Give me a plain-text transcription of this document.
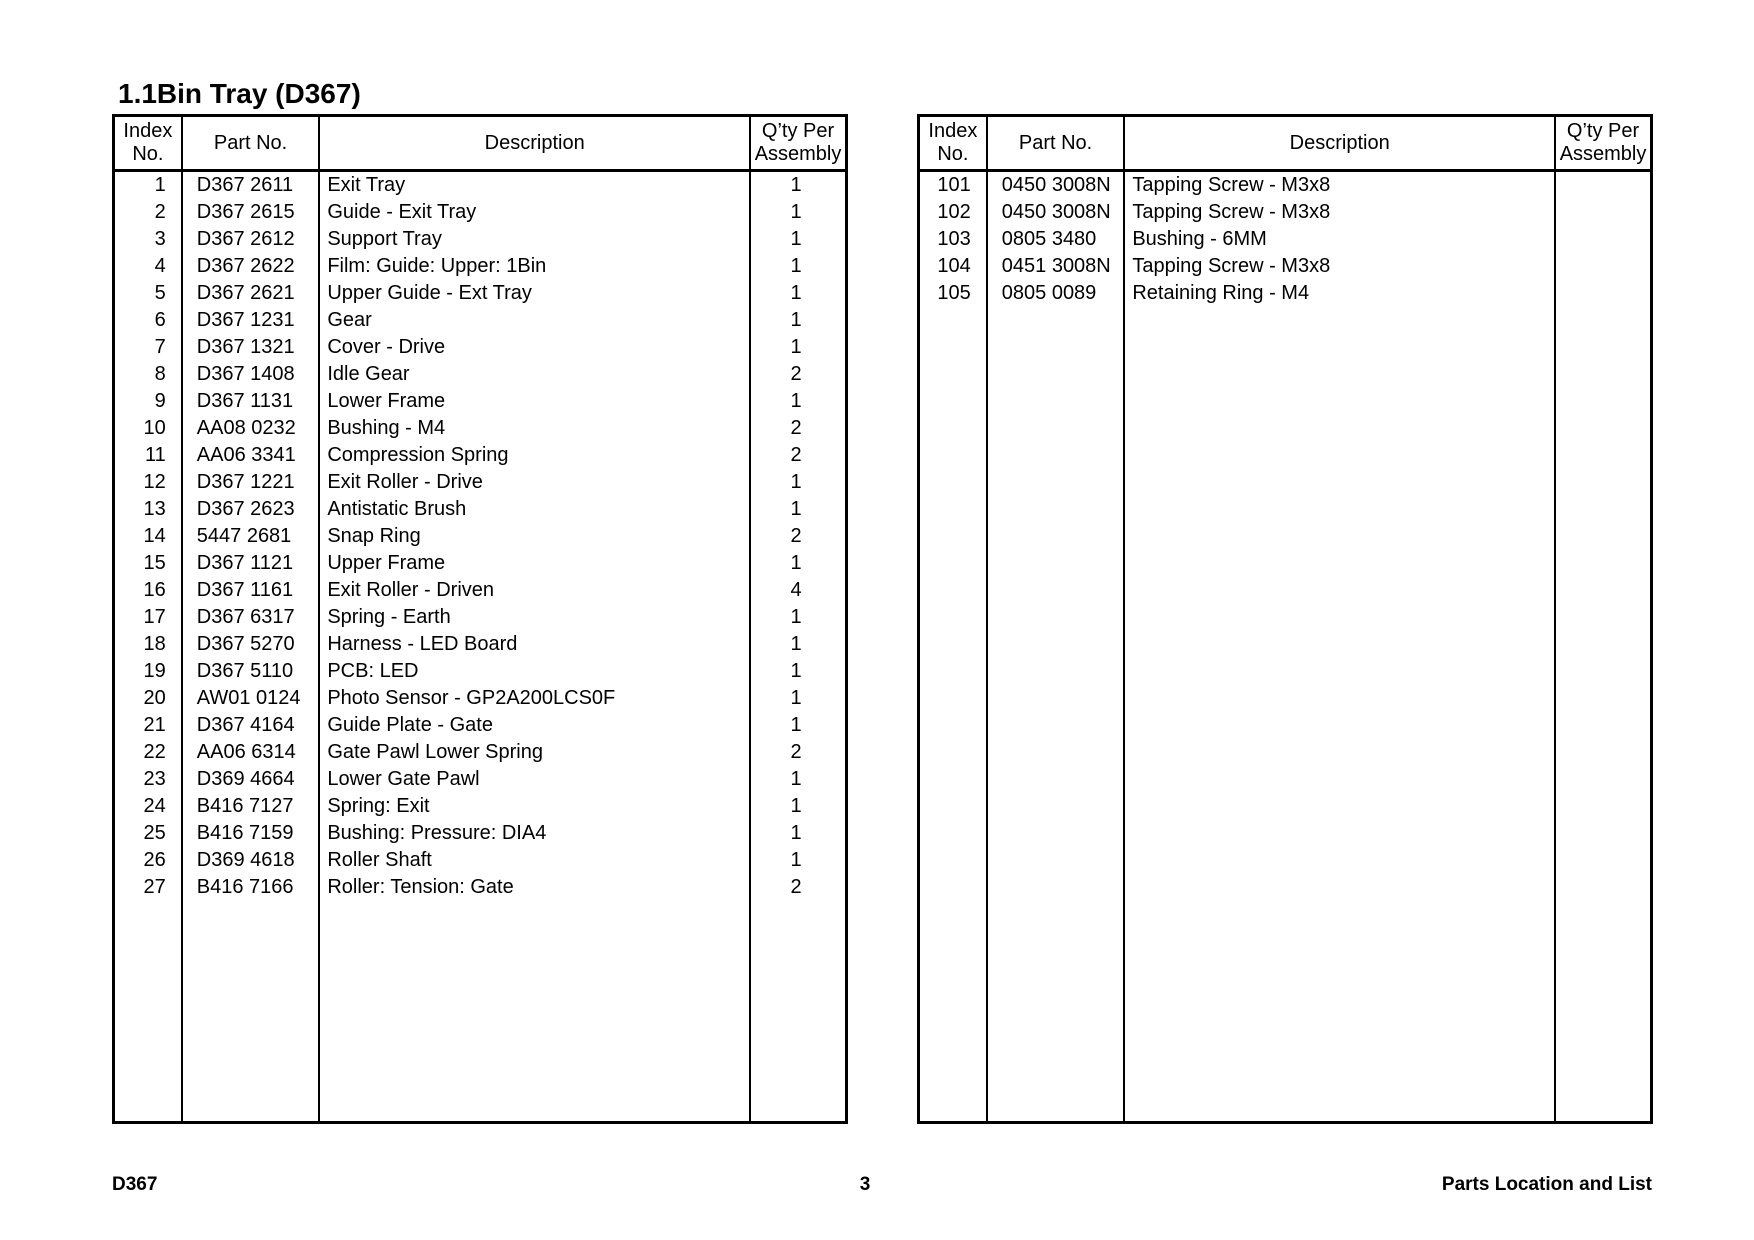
1.1Bin Tray (D367)
Index
No.	Part No.	Description	Q’ty Per
Assembly
1	D367 2611	Exit Tray	1
2	D367 2615	Guide - Exit Tray	1
3	D367 2612	Support Tray	1
4	D367 2622	Film: Guide: Upper: 1Bin	1
5	D367 2621	Upper Guide - Ext Tray	1
6	D367 1231	Gear	1
7	D367 1321	Cover - Drive	1
8	D367 1408	Idle Gear	2
9	D367 1131	Lower Frame	1
10	AA08 0232	Bushing - M4	2
11	AA06 3341	Compression Spring	2
12	D367 1221	Exit Roller - Drive	1
13	D367 2623	Antistatic Brush	1
14	5447 2681	Snap Ring	2
15	D367 1121	Upper Frame	1
16	D367 1161	Exit Roller - Driven	4
17	D367 6317	Spring - Earth	1
18	D367 5270	Harness - LED Board	1
19	D367 5110	PCB: LED	1
20	AW01 0124	Photo Sensor - GP2A200LCS0F	1
21	D367 4164	Guide Plate - Gate	1
22	AA06 6314	Gate Pawl Lower Spring	2
23	D369 4664	Lower Gate Pawl	1
24	B416 7127	Spring: Exit	1
25	B416 7159	Bushing: Pressure: DIA4	1
26	D369 4618	Roller Shaft	1
27	B416 7166	Roller: Tension: Gate	2

Index
No.	Part No.	Description	Q’ty Per
Assembly
101	0450 3008N	Tapping Screw - M3x8	
102	0450 3008N	Tapping Screw - M3x8	
103	0805 3480	Bushing - 6MM	
104	0451 3008N	Tapping Screw - M3x8	
105	0805 0089	Retaining Ring - M4	

D367	3	Parts Location and List
